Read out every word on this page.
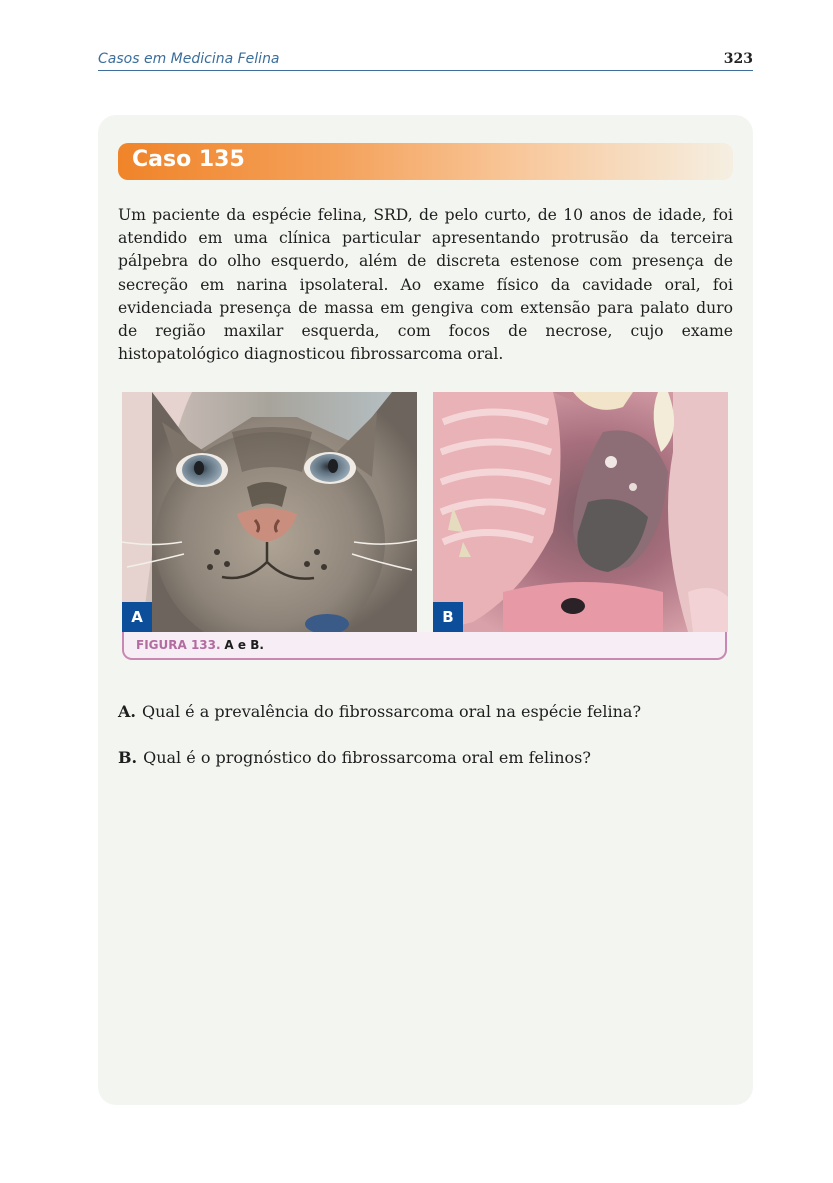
Casos em Medicina Felina	323
Caso 135

Um paciente da espécie felina, SRD, de pelo curto, de 10 anos de idade, foi atendido em uma clínica particular apresentando protrusão da terceira pálpebra do olho esquerdo, além de discreta estenose com presença de secreção em narina ipsolateral. Ao exame físico da cavidade oral, foi evidenciada presença de massa em gengiva com extensão para palato duro de região maxilar esquerda, com focos de necrose, cujo exame histopatológico diagnosticou fibrossarcoma oral.

A	B
FIGURA 133. A e B.
A. Qual é a prevalência do fibrossarcoma oral na espécie felina?
B. Qual é o prognóstico do fibrossarcoma oral em felinos?
